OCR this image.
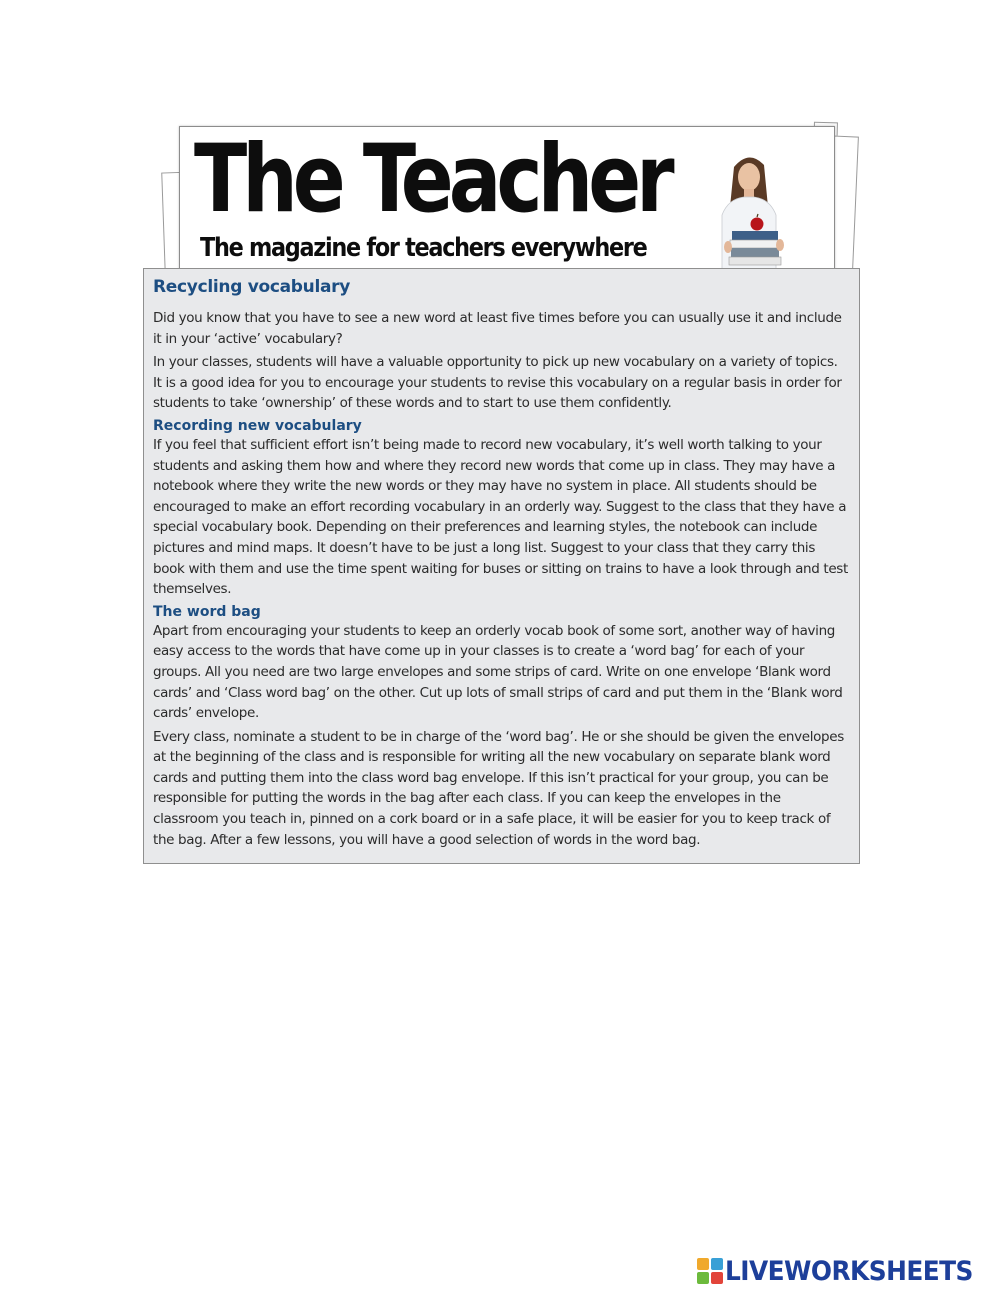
The Teacher
The magazine for teachers everywhere
Recycling vocabulary

Did you know that you have to see a new word at least five times before you can usually use it and include it in your ‘active’ vocabulary?

In your classes, students will have a valuable opportunity to pick up new vocabulary on a variety of topics. It is a good idea for you to encourage your students to revise this vocabulary on a regular basis in order for students to take ‘ownership’ of these words and to start to use them confidently.

Recording new vocabulary

If you feel that sufficient effort isn’t being made to record new vocabulary, it’s well worth talking to your students and asking them how and where they record new words that come up in class. They may have a notebook where they write the new words or they may have no system in place. All students should be encouraged to make an effort recording vocabulary in an orderly way. Suggest to the class that they have a special vocabulary book. Depending on their preferences and learning styles, the notebook can include pictures and mind maps. It doesn’t have to be just a long list. Suggest to your class that they carry this book with them and use the time spent waiting for buses or sitting on trains to have a look through and test themselves.

The word bag

Apart from encouraging your students to keep an orderly vocab book of some sort, another way of having easy access to the words that have come up in your classes is to create a ‘word bag’ for each of your groups. All you need are two large envelopes and some strips of card. Write on one envelope ‘Blank word cards’ and ‘Class word bag’ on the other. Cut up lots of small strips of card and put them in the ‘Blank word cards’ envelope.

Every class, nominate a student to be in charge of the ‘word bag’. He or she should be given the envelopes at the beginning of the class and is responsible for writing all the new vocabulary on separate blank word cards and putting them into the class word bag envelope. If this isn’t practical for your group, you can be responsible for putting the words in the bag after each class. If you can keep the envelopes in the classroom you teach in, pinned on a cork board or in a safe place, it will be easier for you to keep track of the bag. After a few lessons, you will have a good selection of words in the word bag.

LIVEWORKSHEETS
